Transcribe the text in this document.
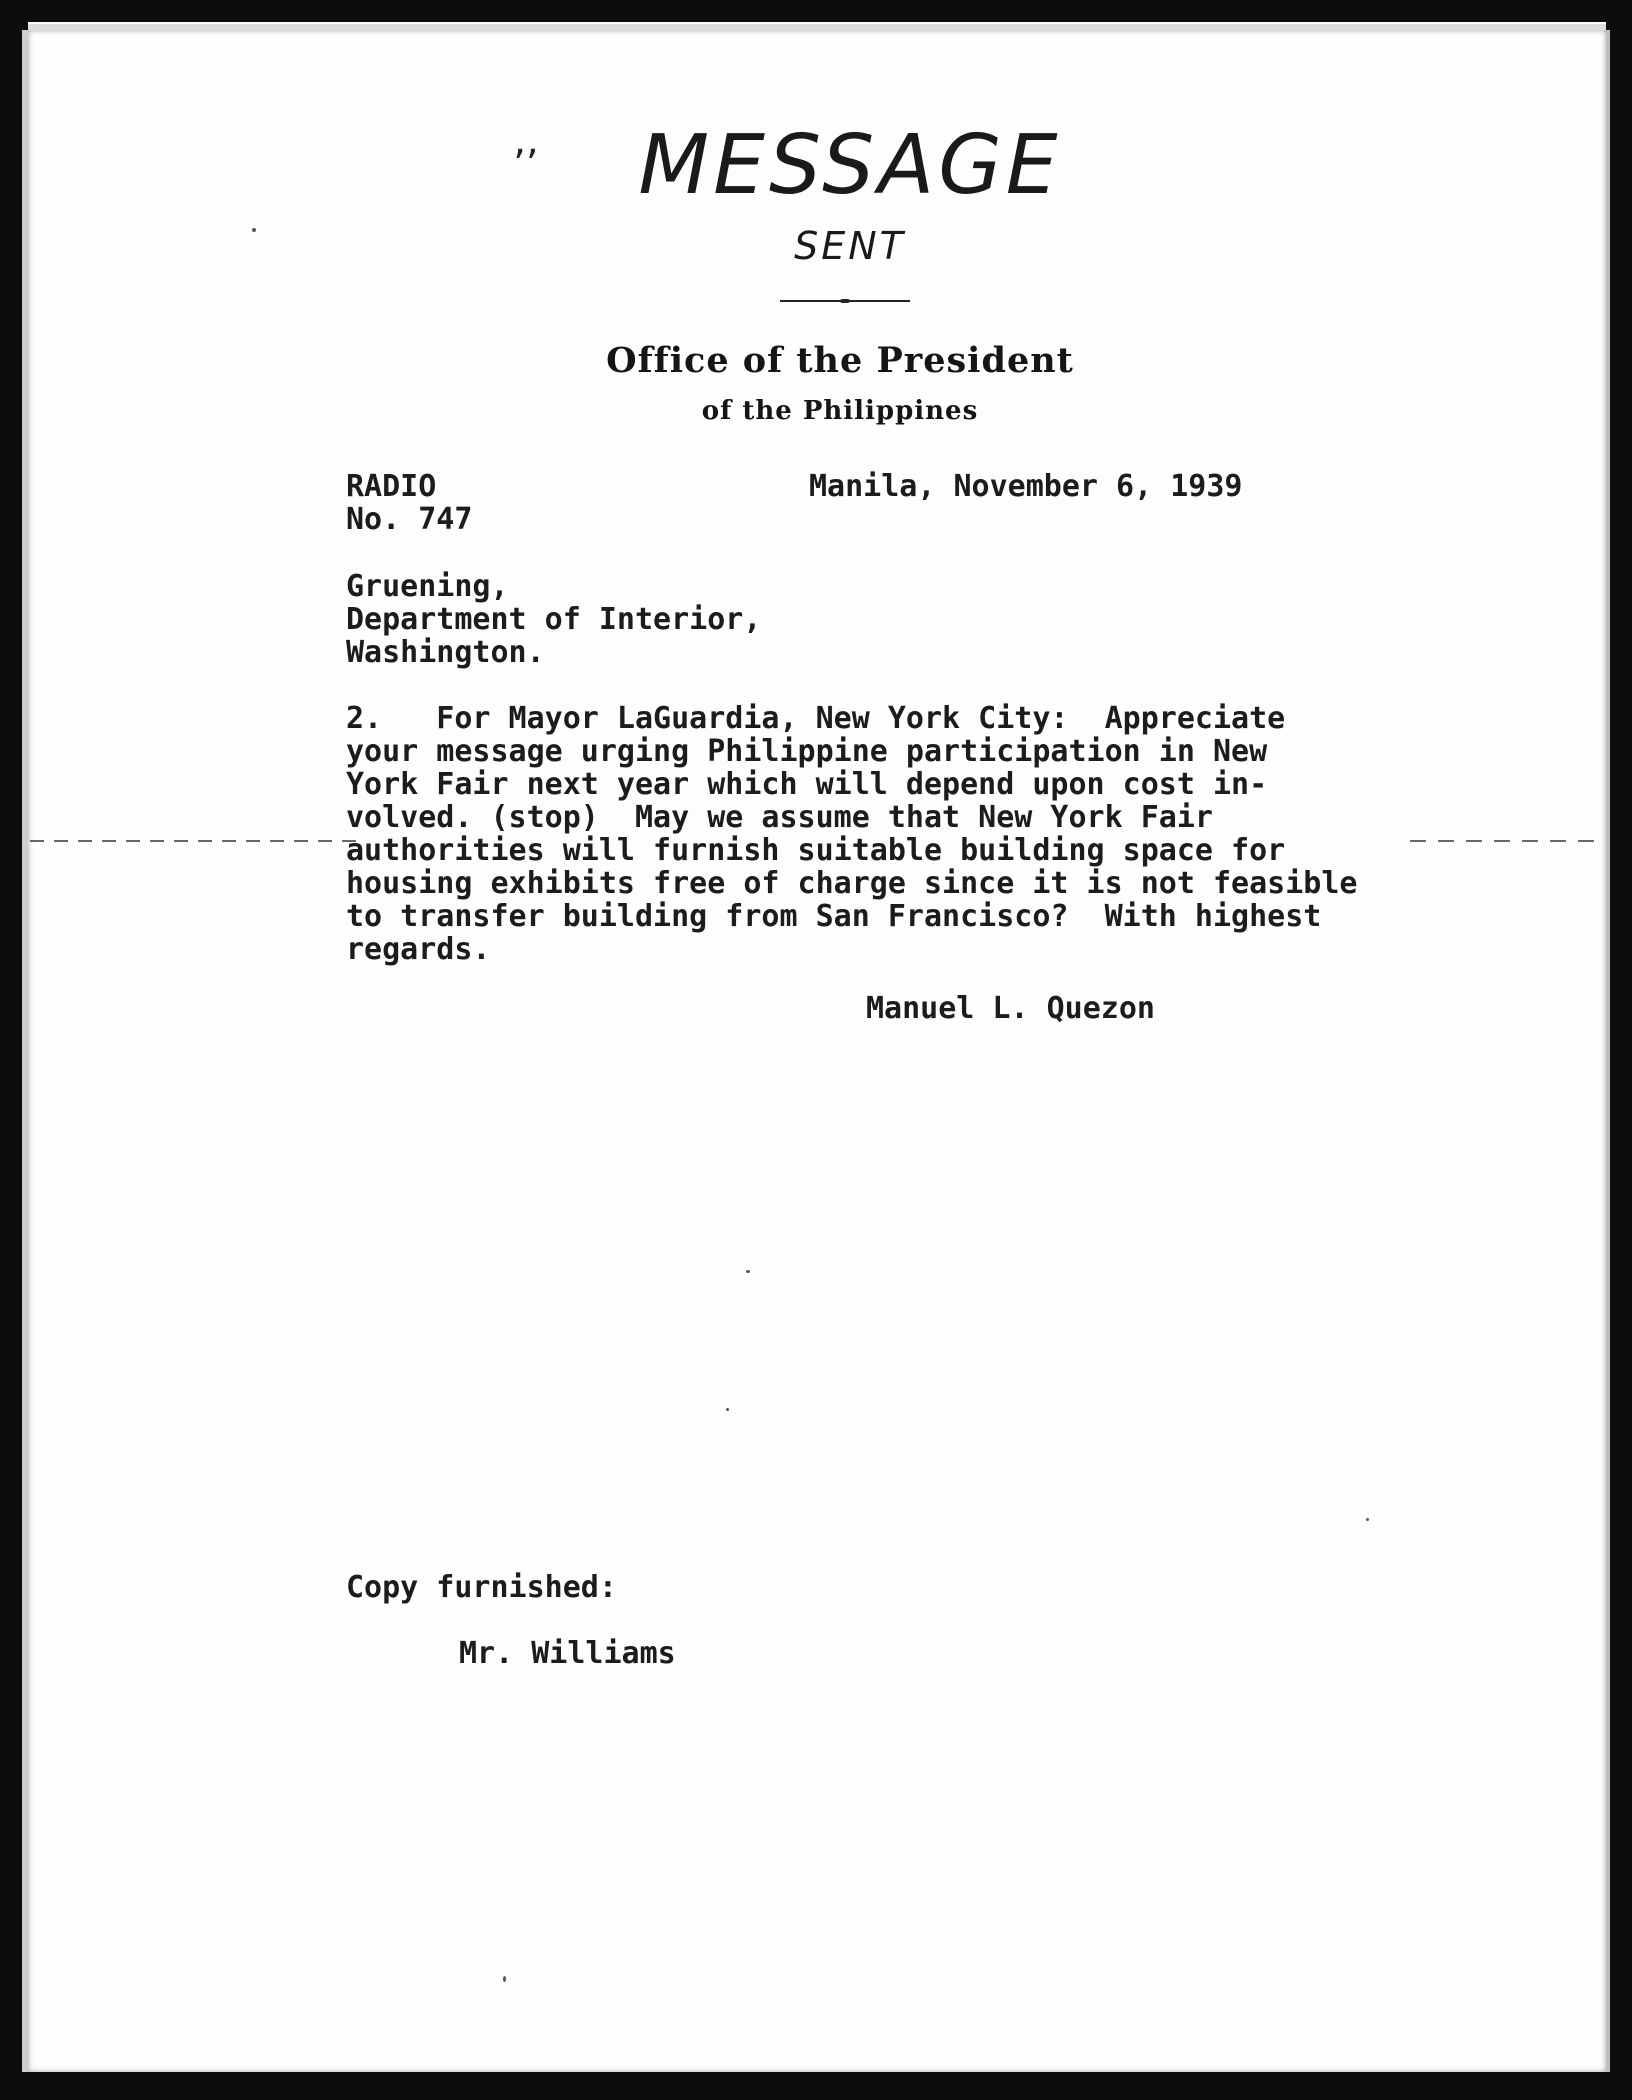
’’	MESSAGE
SENT
Office of the President
of the Philippines
RADIO
No. 747
Manila, November 6, 1939
Gruening,
Department of Interior,
Washington.
2.   For Mayor LaGuardia, New York City:  Appreciate
your message urging Philippine participation in New
York Fair next year which will depend upon cost in-
volved. (stop)  May we assume that New York Fair
authorities will furnish suitable building space for
housing exhibits free of charge since it is not feasible
to transfer building from San Francisco?  With highest
regards.
Manuel L. Quezon
Copy furnished:
Mr. Williams
